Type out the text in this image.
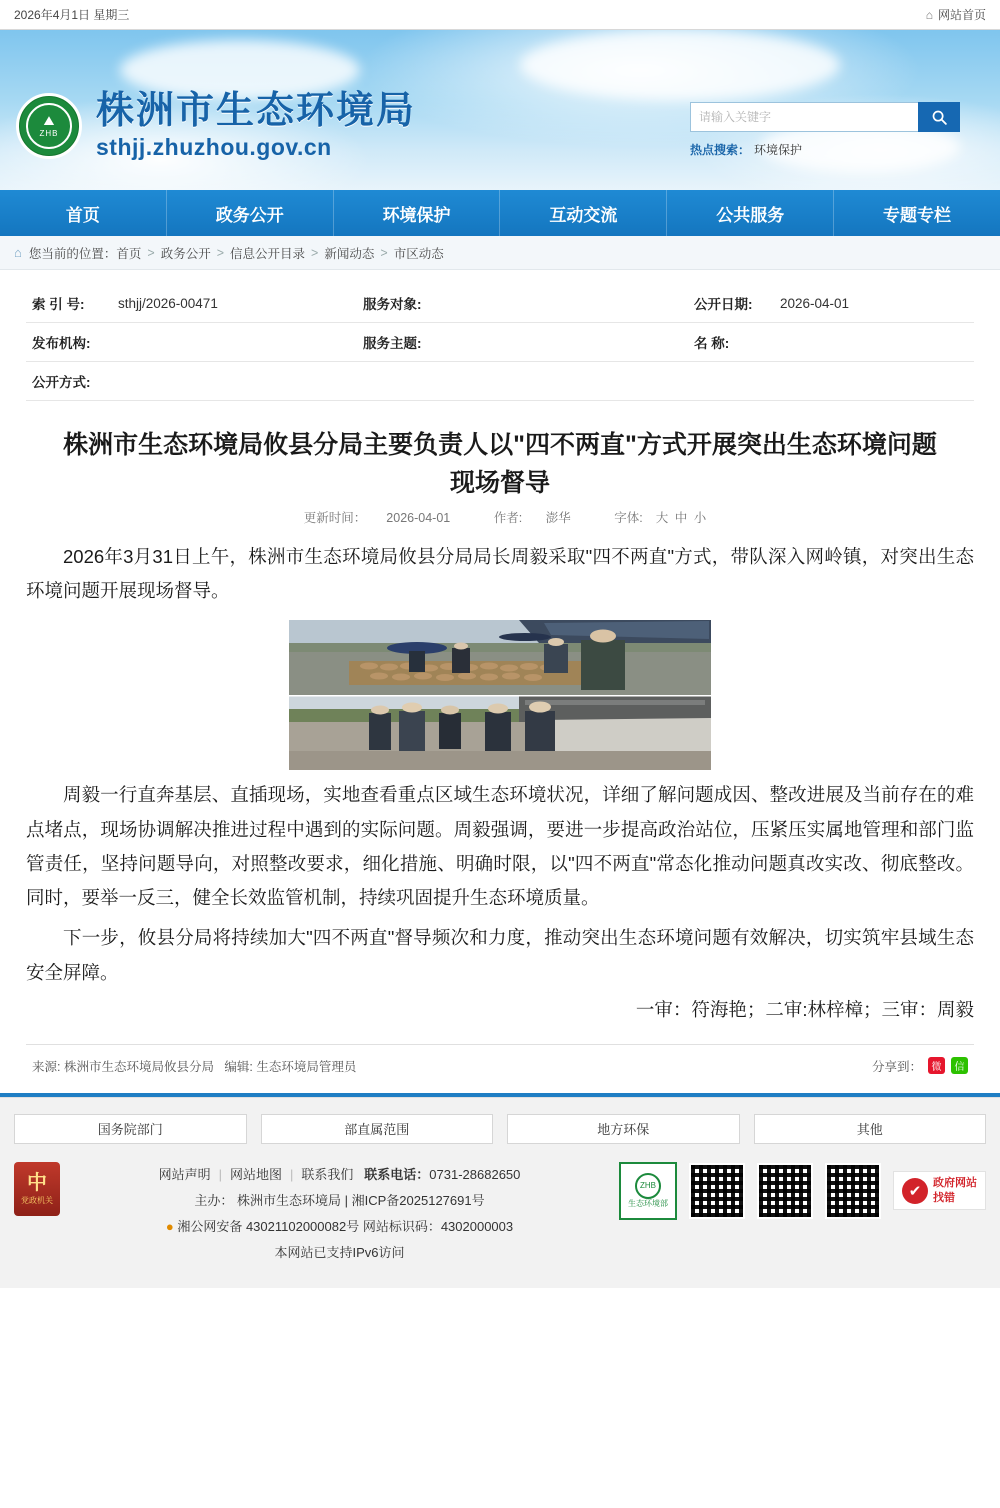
2026年4月1日 星期三	⌂ 网站首页
⛰
ZHB
株洲市生态环境局
sthjj.zhuzhou.gov.cn
请输入关键字	热点搜索： 环境保护
首页	政务公开	环境保护	互动交流	公共服务	专题专栏
⌂ 您当前的位置： 首页 > 政务公开 > 信息公开目录 > 新闻动态 > 市区动态
索 引 号:	sthjj/2026-00471	服务对象:		公开日期:	2026-04-01
发布机构:		服务主题:		名 称:	
公开方式:					
株洲市生态环境局攸县分局主要负责人以"四不两直"方式开展突出生态环境问题现场督导
更新时间： 2026-04-01	作者: 澎华	字体: 大 中 小

2026年3月31日上午，株洲市生态环境局攸县分局局长周毅采取"四不两直"方式，带队深入网岭镇，对突出生态环境问题开展现场督导。

周毅一行直奔基层、直插现场，实地查看重点区域生态环境状况，详细了解问题成因、整改进展及当前存在的难点堵点，现场协调解决推进过程中遇到的实际问题。周毅强调，要进一步提高政治站位，压紧压实属地管理和部门监管责任，坚持问题导向，对照整改要求，细化措施、明确时限，以"四不两直"常态化推动问题真改实改、彻底整改。同时，要举一反三，健全长效监管机制，持续巩固提升生态环境质量。

下一步，攸县分局将持续加大"四不两直"督导频次和力度，推动突出生态环境问题有效解决，切实筑牢县域生态安全屏障。

一审：符海艳；二审:林梓樟；三审：周毅

来源: 株洲市生态环境局攸县分局 编辑: 生态环境局管理员	分享到： 微	信
国务院部门	部直属范围	地方环保	其他
中
党政机关
网站声明 | 网站地图 | 联系我们 联系电话：0731-28682650
主办： 株洲市生态环境局 | 湘ICP备2025127691号
● 湘公网安备 43021102000082号 网站标识码：4302000003
本网站已支持IPv6访问
ZHB
生态环境部
✔	政府网站
找错
